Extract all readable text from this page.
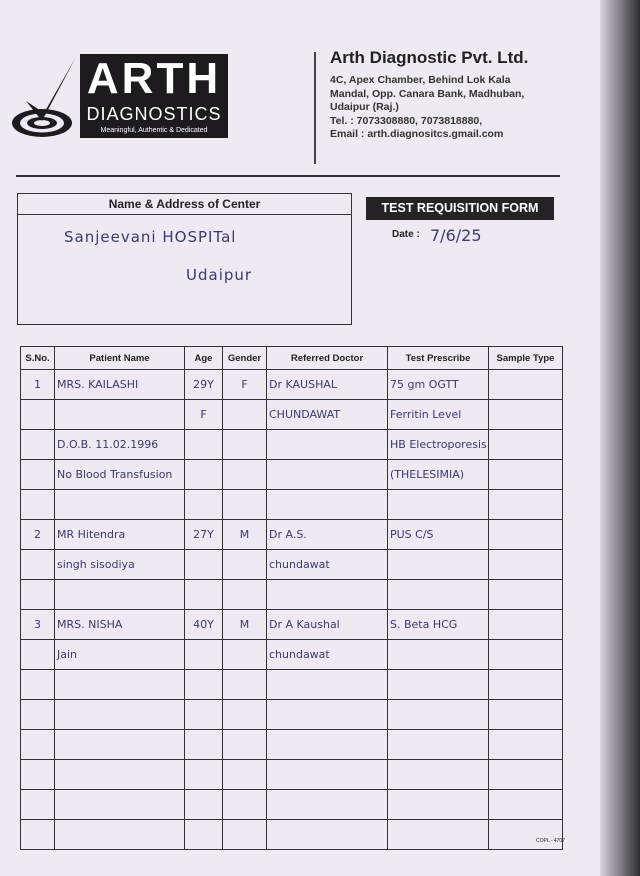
ARTH
DIAGNOSTICS
Meaningful, Authentic & Dedicated
Arth Diagnostic Pvt. Ltd.
4C, Apex Chamber, Behind Lok Kala
Mandal, Opp. Canara Bank, Madhuban,
Udaipur (Raj.)
Tel. : 7073308880, 7073818880,
Email : arth.diagnositcs.gmail.com
Name & Address of Center
Sanjeevani HOSPITal
Udaipur
TEST REQUISITION FORM
Date : 7/6/25
S.No.	Patient Name	Age	Gender	Referred Doctor	Test Prescribe	Sample Type
1	MRS. KAILASHI	29Y	F	Dr KAUSHAL	75 gm OGTT	
		F		CHUNDAWAT	Ferritin Level	
	D.O.B. 11.02.1996				HB Electroporesis	
	No Blood Transfusion				(THELESIMIA)	

2	MR Hitendra	27Y	M	Dr A.S.	PUS C/S	
	singh sisodiya			chundawat		

3	MRS. NISHA	40Y	M	Dr A Kaushal	S. Beta HCG	
	Jain			chundawat		

COPL - 4707
